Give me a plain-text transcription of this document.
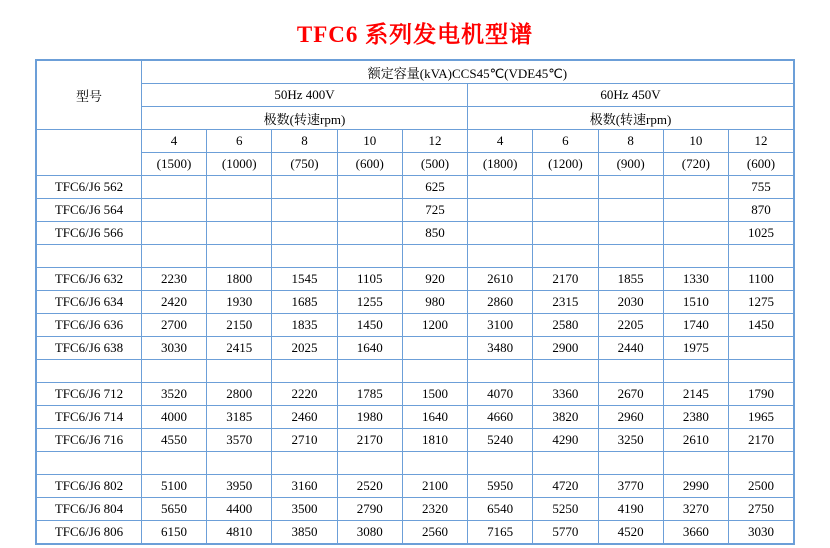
TFC6 系列发电机型谱
型号	额定容量(kVA)CCS45℃(VDE45℃)									
	50Hz 400V					60Hz 450V				
	极数(转速rpm)					极数(转速rpm)				
	4	6	8	10	12	4	6	8	10	12
	(1500)	(1000)	(750)	(600)	(500)	(1800)	(1200)	(900)	(720)	(600)
TFC6/J6 562					625					755
TFC6/J6 564					725					870
TFC6/J6 566					850					1025

TFC6/J6 632	2230	1800	1545	1105	920	2610	2170	1855	1330	1100
TFC6/J6 634	2420	1930	1685	1255	980	2860	2315	2030	1510	1275
TFC6/J6 636	2700	2150	1835	1450	1200	3100	2580	2205	1740	1450
TFC6/J6 638	3030	2415	2025	1640		3480	2900	2440	1975	

TFC6/J6 712	3520	2800	2220	1785	1500	4070	3360	2670	2145	1790
TFC6/J6 714	4000	3185	2460	1980	1640	4660	3820	2960	2380	1965
TFC6/J6 716	4550	3570	2710	2170	1810	5240	4290	3250	2610	2170

TFC6/J6 802	5100	3950	3160	2520	2100	5950	4720	3770	2990	2500
TFC6/J6 804	5650	4400	3500	2790	2320	6540	5250	4190	3270	2750
TFC6/J6 806	6150	4810	3850	3080	2560	7165	5770	4520	3660	3030
